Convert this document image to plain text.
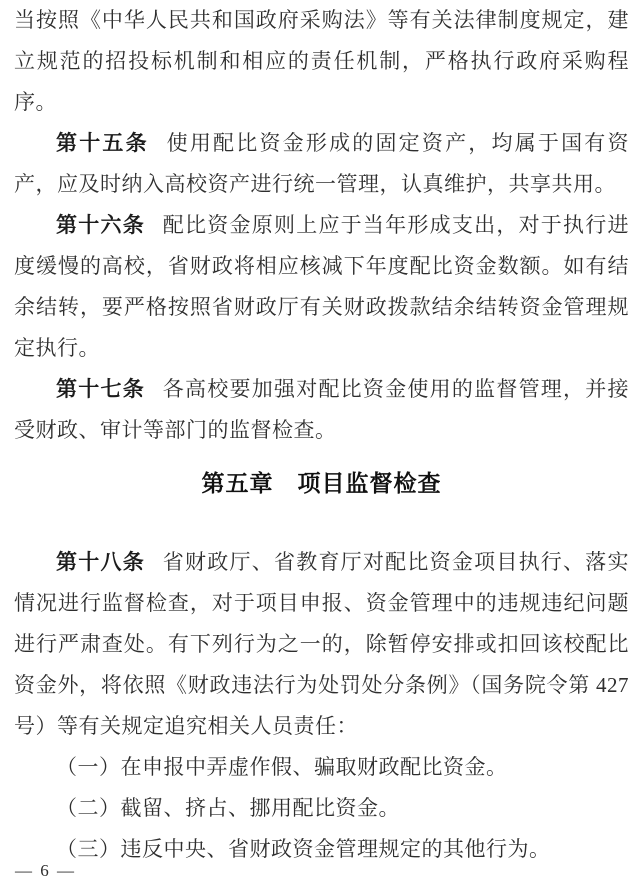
当按照《中华人民共和国政府采购法》等有关法律制度规定，建立规范的招投标机制和相应的责任机制，严格执行政府采购程序。

第十五条 使用配比资金形成的固定资产，均属于国有资产，应及时纳入高校资产进行统一管理，认真维护，共享共用。

第十六条 配比资金原则上应于当年形成支出，对于执行进度缓慢的高校，省财政将相应核减下年度配比资金数额。如有结余结转，要严格按照省财政厅有关财政拨款结余结转资金管理规定执行。

第十七条 各高校要加强对配比资金使用的监督管理，并接受财政、审计等部门的监督检查。

第五章　项目监督检查

第十八条 省财政厅、省教育厅对配比资金项目执行、落实情况进行监督检查，对于项目申报、资金管理中的违规违纪问题进行严肃查处。有下列行为之一的，除暂停安排或扣回该校配比资金外，将依照《财政违法行为处罚处分条例》（国务院令第 427 号）等有关规定追究相关人员责任：

（一）在申报中弄虚作假、骗取财政配比资金。

（二）截留、挤占、挪用配比资金。

（三）违反中央、省财政资金管理规定的其他行为。

— 6 —
